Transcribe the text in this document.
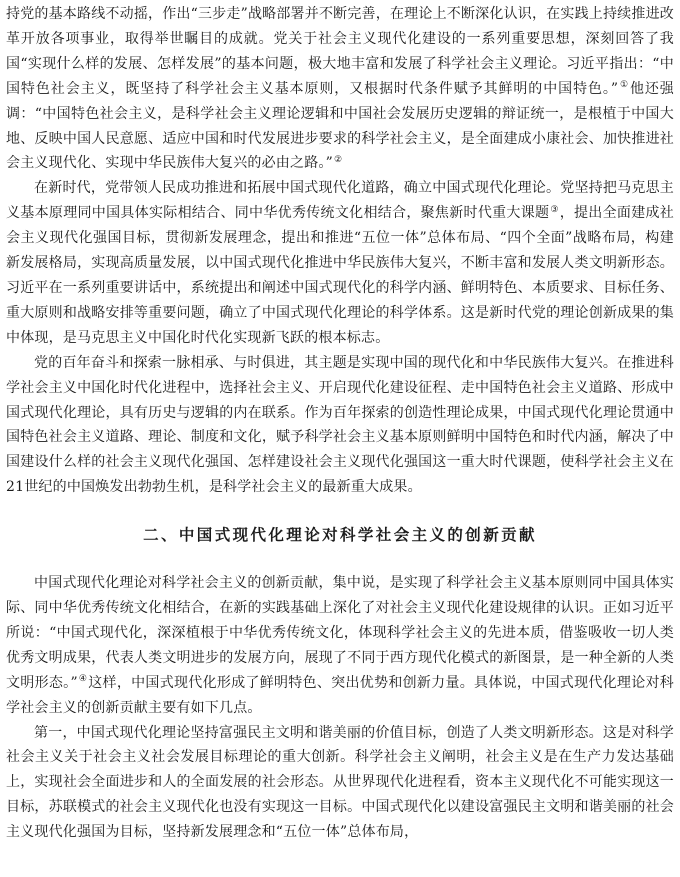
持党的基本路线不动摇，作出“三步走”战略部署并不断完善，在理论上不断深化认识，在实践上持续推进改革开放各项事业，取得举世瞩目的成就。党关于社会主义现代化建设的一系列重要思想，深刻回答了我国“实现什么样的发展、怎样发展”的基本问题，极大地丰富和发展了科学社会主义理论。习近平指出：“中国特色社会主义，既坚持了科学社会主义基本原则，又根据时代条件赋予其鲜明的中国特色。”①他还强调：“中国特色社会主义，是科学社会主义理论逻辑和中国社会发展历史逻辑的辩证统一，是根植于中国大地、反映中国人民意愿、适应中国和时代发展进步要求的科学社会主义，是全面建成小康社会、加快推进社会主义现代化、实现中华民族伟大复兴的必由之路。”②

在新时代，党带领人民成功推进和拓展中国式现代化道路，确立中国式现代化理论。党坚持把马克思主义基本原理同中国具体实际相结合、同中华优秀传统文化相结合，聚焦新时代重大课题③，提出全面建成社会主义现代化强国目标，贯彻新发展理念，提出和推进“五位一体”总体布局、“四个全面”战略布局，构建新发展格局，实现高质量发展，以中国式现代化推进中华民族伟大复兴，不断丰富和发展人类文明新形态。习近平在一系列重要讲话中，系统提出和阐述中国式现代化的科学内涵、鲜明特色、本质要求、目标任务、重大原则和战略安排等重要问题，确立了中国式现代化理论的科学体系。这是新时代党的理论创新成果的集中体现，是马克思主义中国化时代化实现新飞跃的根本标志。

党的百年奋斗和探索一脉相承、与时俱进，其主题是实现中国的现代化和中华民族伟大复兴。在推进科学社会主义中国化时代化进程中，选择社会主义、开启现代化建设征程、走中国特色社会主义道路、形成中国式现代化理论，具有历史与逻辑的内在联系。作为百年探索的创造性理论成果，中国式现代化理论贯通中国特色社会主义道路、理论、制度和文化，赋予科学社会主义基本原则鲜明中国特色和时代内涵，解决了中国建设什么样的社会主义现代化强国、怎样建设社会主义现代化强国这一重大时代课题，使科学社会主义在21世纪的中国焕发出勃勃生机，是科学社会主义的最新重大成果。

二、中国式现代化理论对科学社会主义的创新贡献

中国式现代化理论对科学社会主义的创新贡献，集中说，是实现了科学社会主义基本原则同中国具体实际、同中华优秀传统文化相结合，在新的实践基础上深化了对社会主义现代化建设规律的认识。正如习近平所说：“中国式现代化，深深植根于中华优秀传统文化，体现科学社会主义的先进本质，借鉴吸收一切人类优秀文明成果，代表人类文明进步的发展方向，展现了不同于西方现代化模式的新图景，是一种全新的人类文明形态。”④这样，中国式现代化形成了鲜明特色、突出优势和创新力量。具体说，中国式现代化理论对科学社会主义的创新贡献主要有如下几点。

第一，中国式现代化理论坚持富强民主文明和谐美丽的价值目标，创造了人类文明新形态。这是对科学社会主义关于社会主义社会发展目标理论的重大创新。科学社会主义阐明，社会主义是在生产力发达基础上，实现社会全面进步和人的全面发展的社会形态。从世界现代化进程看，资本主义现代化不可能实现这一目标，苏联模式的社会主义现代化也没有实现这一目标。中国式现代化以建设富强民主文明和谐美丽的社会主义现代化强国为目标，坚持新发展理念和“五位一体”总体布局，
